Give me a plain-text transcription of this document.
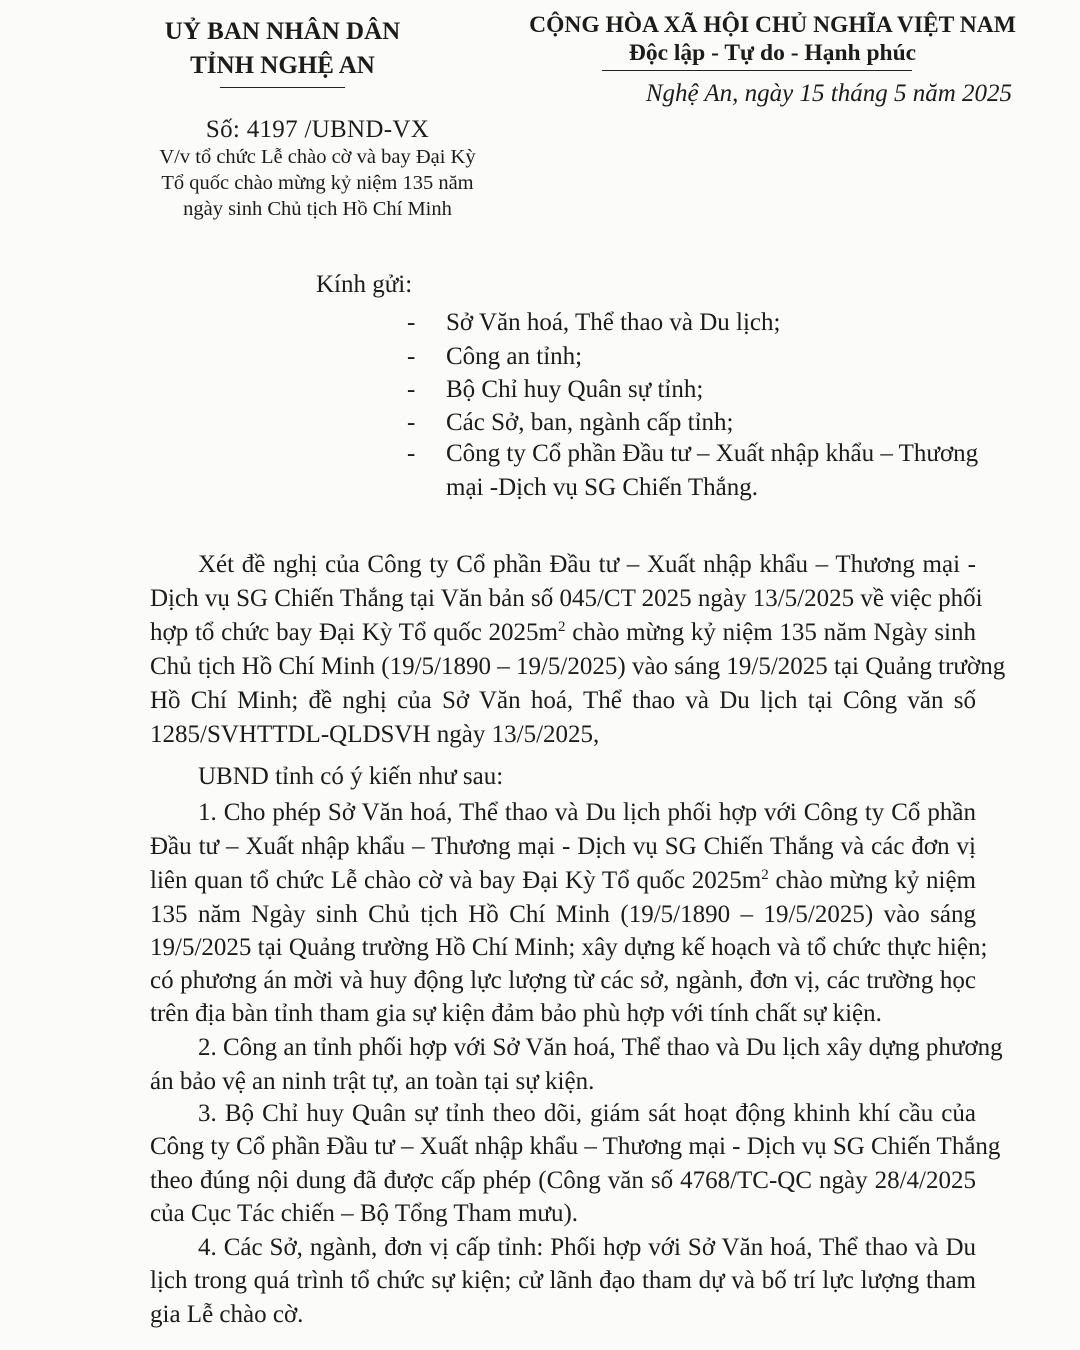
UỶ BAN NHÂN DÂN
TỈNH NGHỆ AN
Số: 4197 /UBND-VX
V/v tổ chức Lễ chào cờ và bay Đại Kỳ
Tổ quốc chào mừng kỷ niệm 135 năm
ngày sinh Chủ tịch Hồ Chí Minh
CỘNG HÒA XÃ HỘI CHỦ NGHĨA VIỆT NAM
Độc lập - Tự do - Hạnh phúc
Nghệ An, ngày 15 tháng 5 năm 2025
Kính gửi:
- Sở Văn hoá, Thể thao và Du lịch;
- Công an tỉnh;
- Bộ Chỉ huy Quân sự tỉnh;
- Các Sở, ban, ngành cấp tỉnh;
- Công ty Cổ phần Đầu tư – Xuất nhập khẩu – Thương
mại -Dịch vụ SG Chiến Thắng.
Xét đề nghị của Công ty Cổ phần Đầu tư – Xuất nhập khẩu – Thương mại -
Dịch vụ SG Chiến Thắng tại Văn bản số 045/CT 2025 ngày 13/5/2025 về việc phối
hợp tổ chức bay Đại Kỳ Tổ quốc $2025m^2$ chào mừng kỷ niệm 135 năm Ngày sinh
Chủ tịch Hồ Chí Minh (19/5/1890 – 19/5/2025) vào sáng 19/5/2025 tại Quảng trường
Hồ Chí Minh; đề nghị của Sở Văn hoá, Thể thao và Du lịch tại Công văn số
1285/SVHTTDL-QLDSVH ngày 13/5/2025,
UBND tỉnh có ý kiến như sau:
1. Cho phép Sở Văn hoá, Thể thao và Du lịch phối hợp với Công ty Cổ phần
Đầu tư – Xuất nhập khẩu – Thương mại - Dịch vụ SG Chiến Thắng và các đơn vị
liên quan tổ chức Lễ chào cờ và bay Đại Kỳ Tổ quốc $2025m^2$ chào mừng kỷ niệm
135 năm Ngày sinh Chủ tịch Hồ Chí Minh (19/5/1890 – 19/5/2025) vào sáng
19/5/2025 tại Quảng trường Hồ Chí Minh; xây dựng kế hoạch và tổ chức thực hiện;
có phương án mời và huy động lực lượng từ các sở, ngành, đơn vị, các trường học
trên địa bàn tỉnh tham gia sự kiện đảm bảo phù hợp với tính chất sự kiện.
2. Công an tỉnh phối hợp với Sở Văn hoá, Thể thao và Du lịch xây dựng phương
án bảo vệ an ninh trật tự, an toàn tại sự kiện.
3. Bộ Chỉ huy Quân sự tỉnh theo dõi, giám sát hoạt động khinh khí cầu của
Công ty Cổ phần Đầu tư – Xuất nhập khẩu – Thương mại - Dịch vụ SG Chiến Thắng
theo đúng nội dung đã được cấp phép (Công văn số 4768/TC-QC ngày 28/4/2025
của Cục Tác chiến – Bộ Tổng Tham mưu).
4. Các Sở, ngành, đơn vị cấp tỉnh: Phối hợp với Sở Văn hoá, Thể thao và Du
lịch trong quá trình tổ chức sự kiện; cử lãnh đạo tham dự và bố trí lực lượng tham
gia Lễ chào cờ.
